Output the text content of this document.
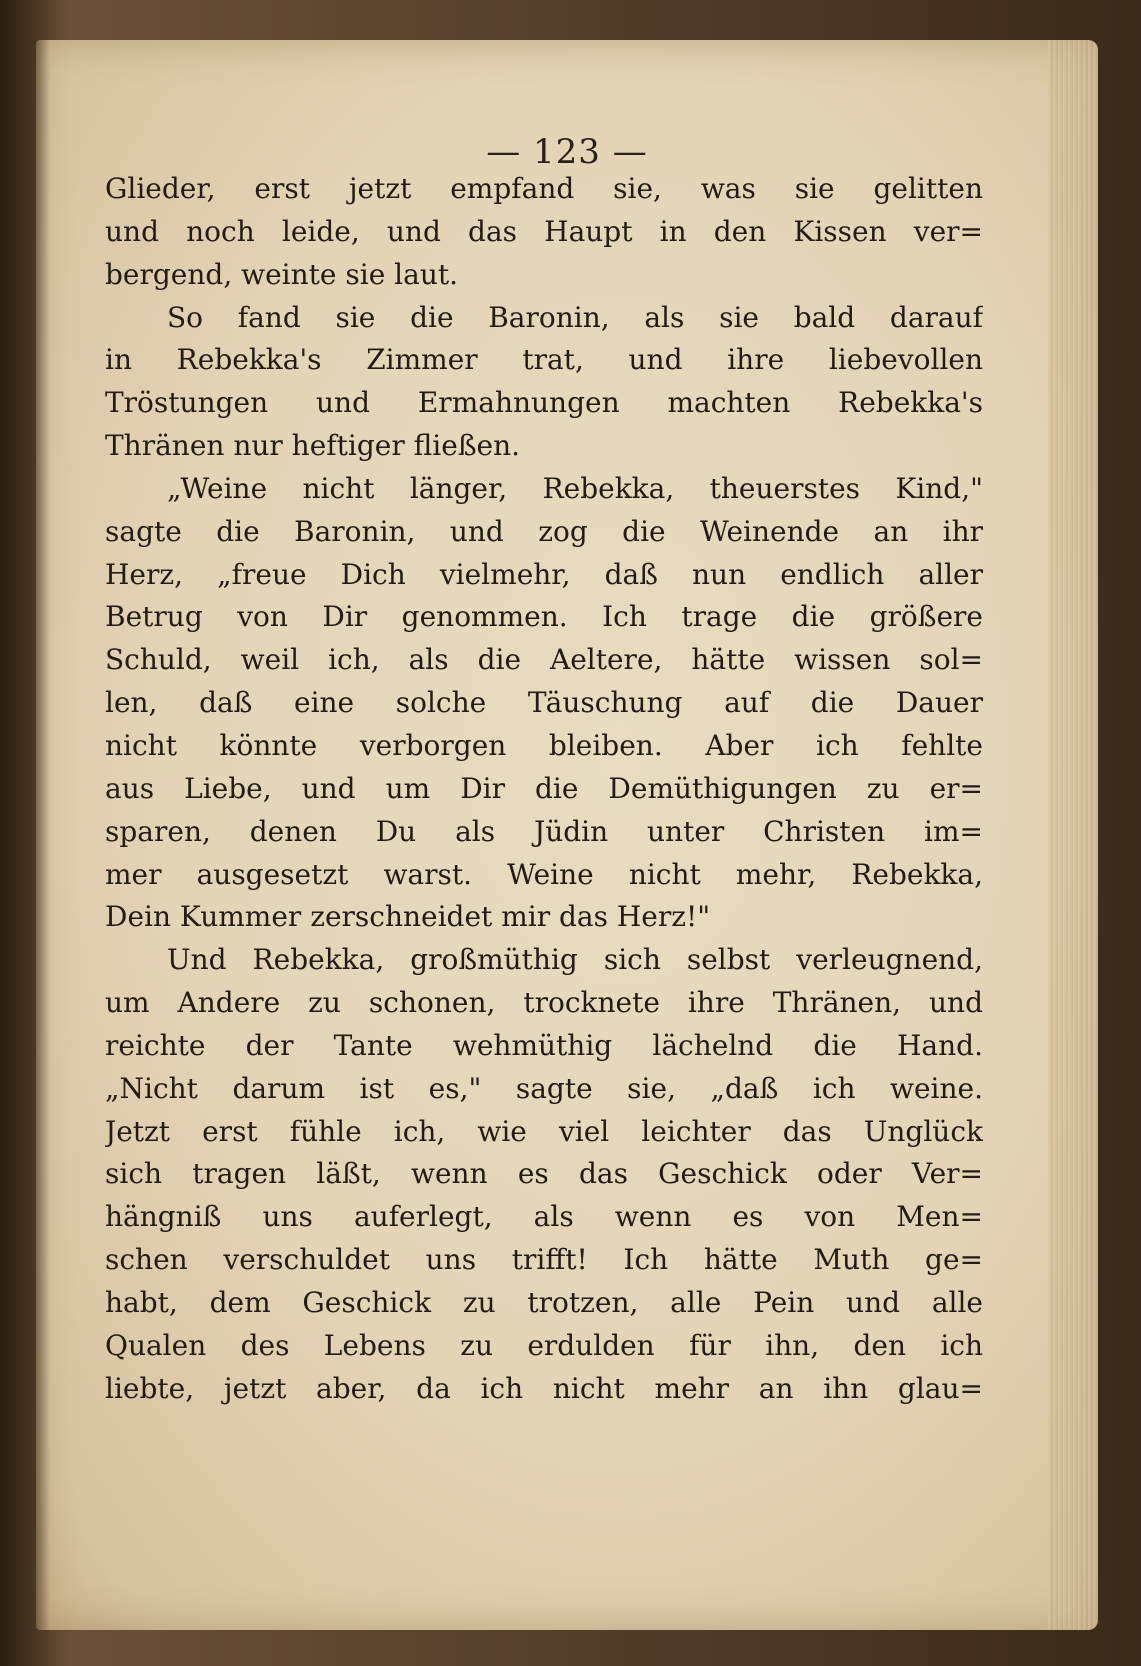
— 123 —
Glieder, erst jetzt empfand sie, was sie gelitten
und noch leide, und das Haupt in den Kissen ver=
bergend, weinte sie laut.
So fand sie die Baronin, als sie bald darauf
in Rebekka's Zimmer trat, und ihre liebevollen
Tröstungen und Ermahnungen machten Rebekka's
Thränen nur heftiger fließen.
„Weine nicht länger, Rebekka, theuerstes Kind,"
sagte die Baronin, und zog die Weinende an ihr
Herz, „freue Dich vielmehr, daß nun endlich aller
Betrug von Dir genommen. Ich trage die größere
Schuld, weil ich, als die Aeltere, hätte wissen sol=
len, daß eine solche Täuschung auf die Dauer
nicht könnte verborgen bleiben. Aber ich fehlte
aus Liebe, und um Dir die Demüthigungen zu er=
sparen, denen Du als Jüdin unter Christen im=
mer ausgesetzt warst. Weine nicht mehr, Rebekka,
Dein Kummer zerschneidet mir das Herz!"
Und Rebekka, großmüthig sich selbst verleugnend,
um Andere zu schonen, trocknete ihre Thränen, und
reichte der Tante wehmüthig lächelnd die Hand.
„Nicht darum ist es," sagte sie, „daß ich weine.
Jetzt erst fühle ich, wie viel leichter das Unglück
sich tragen läßt, wenn es das Geschick oder Ver=
hängniß uns auferlegt, als wenn es von Men=
schen verschuldet uns trifft! Ich hätte Muth ge=
habt, dem Geschick zu trotzen, alle Pein und alle
Qualen des Lebens zu erdulden für ihn, den ich
liebte, jetzt aber, da ich nicht mehr an ihn glau=
